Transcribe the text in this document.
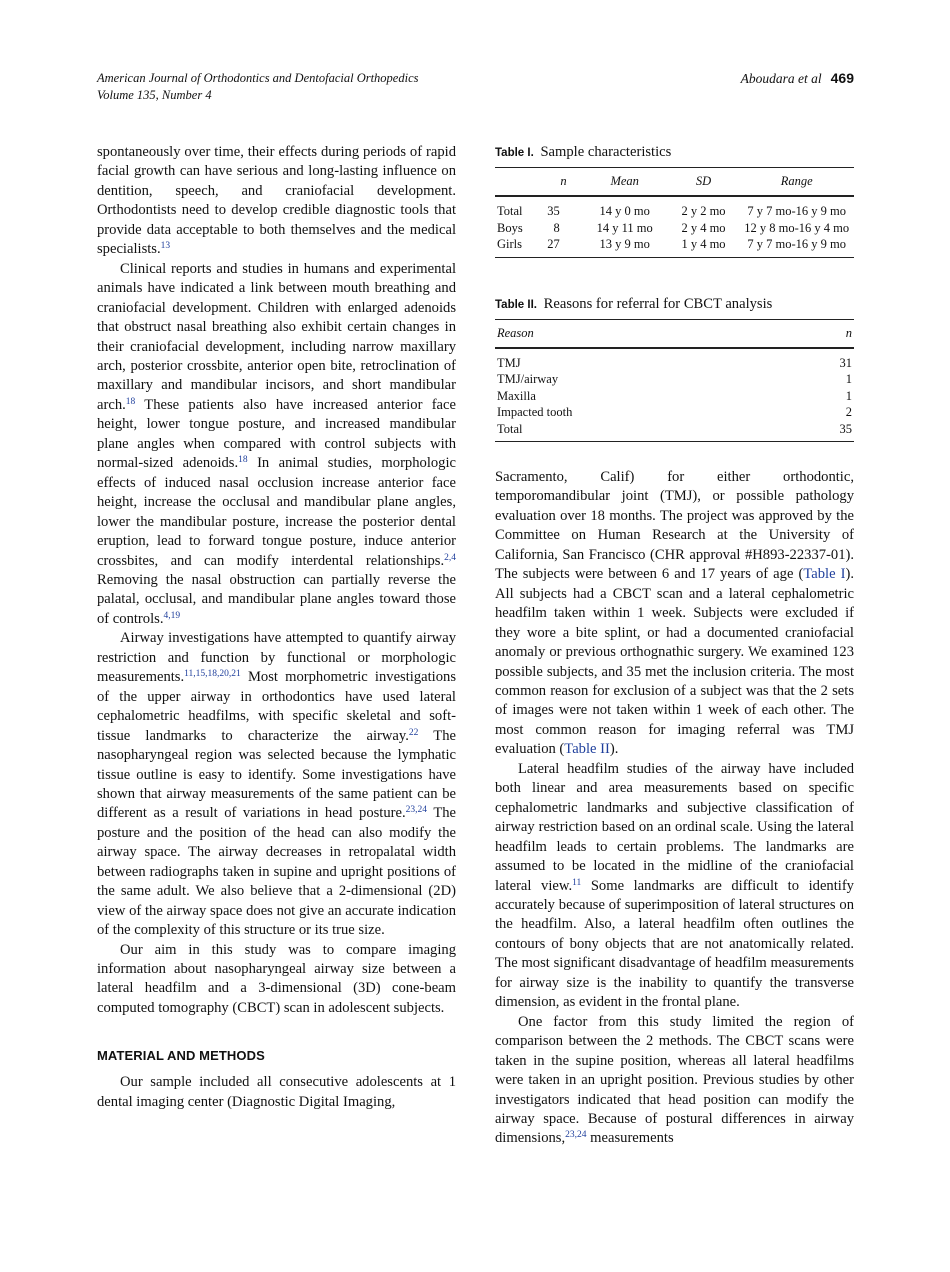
American Journal of Orthodontics and Dentofacial Orthopedics
Volume 135, Number 4
Aboudara et al 469

spontaneously over time, their effects during periods of rapid facial growth can have serious and long-lasting influence on dentition, speech, and craniofacial development. Orthodontists need to develop credible diagnostic tools that provide data acceptable to both themselves and the medical specialists.$^{13}$

Clinical reports and studies in humans and experimental animals have indicated a link between mouth breathing and craniofacial development. Children with enlarged adenoids that obstruct nasal breathing also exhibit certain changes in their craniofacial development, including narrow maxillary arch, posterior crossbite, anterior open bite, retroclination of maxillary and mandibular incisors, and short mandibular arch.$^{18}$ These patients also have increased anterior face height, lower tongue posture, and increased mandibular plane angles when compared with control subjects with normal-sized adenoids.$^{18}$ In animal studies, morphologic effects of induced nasal occlusion increase anterior face height, increase the occlusal and mandibular plane angles, lower the mandibular posture, increase the posterior dental eruption, lead to forward tongue posture, induce anterior crossbites, and can modify interdental relationships.$^{2,4}$ Removing the nasal obstruction can partially reverse the palatal, occlusal, and mandibular plane angles toward those of controls.$^{4,19}$

Airway investigations have attempted to quantify airway restriction and function by functional or morphologic measurements.$^{11,15,18,20,21}$ Most morphometric investigations of the upper airway in orthodontics have used lateral cephalometric headfilms, with specific skeletal and soft-tissue landmarks to characterize the airway.$^{22}$ The nasopharyngeal region was selected because the lymphatic tissue outline is easy to identify. Some investigations have shown that airway measurements of the same patient can be different as a result of variations in head posture.$^{23,24}$ The posture and the position of the head can also modify the airway space. The airway decreases in retropalatal width between radiographs taken in supine and upright positions of the same adult. We also believe that a 2-dimensional (2D) view of the airway space does not give an accurate indication of the complexity of this structure or its true size.

Our aim in this study was to compare imaging information about nasopharyngeal airway size between a lateral headfilm and a 3-dimensional (3D) cone-beam computed tomography (CBCT) scan in adolescent subjects.

MATERIAL AND METHODS

Our sample included all consecutive adolescents at 1 dental imaging center (Diagnostic Digital Imaging,

Table I. Sample characteristics
	n	Mean	SD	Range
Total	35	14 y 0 mo	2 y 2 mo	7 y 7 mo-16 y 9 mo
Boys	8	14 y 11 mo	2 y 4 mo	12 y 8 mo-16 y 4 mo
Girls	27	13 y 9 mo	1 y 4 mo	7 y 7 mo-16 y 9 mo
Table II. Reasons for referral for CBCT analysis
Reason	n
TMJ	31
TMJ/airway	1
Maxilla	1
Impacted tooth	2
Total	35

Sacramento, Calif) for either orthodontic, temporomandibular joint (TMJ), or possible pathology evaluation over 18 months. The project was approved by the Committee on Human Research at the University of California, San Francisco (CHR approval #H893-22337-01). The subjects were between 6 and 17 years of age (Table I). All subjects had a CBCT scan and a lateral cephalometric headfilm taken within 1 week. Subjects were excluded if they wore a bite splint, or had a documented craniofacial anomaly or previous orthognathic surgery. We examined 123 possible subjects, and 35 met the inclusion criteria. The most common reason for exclusion of a subject was that the 2 sets of images were not taken within 1 week of each other. The most common reason for imaging referral was TMJ evaluation (Table II).

Lateral headfilm studies of the airway have included both linear and area measurements based on specific cephalometric landmarks and subjective classification of airway restriction based on an ordinal scale. Using the lateral headfilm leads to certain problems. The landmarks are assumed to be located in the midline of the craniofacial lateral view.$^{11}$ Some landmarks are difficult to identify accurately because of superimposition of lateral structures on the headfilm. Also, a lateral headfilm often outlines the contours of bony objects that are not anatomically related. The most significant disadvantage of headfilm measurements for airway size is the inability to quantify the transverse dimension, as evident in the frontal plane.

One factor from this study limited the region of comparison between the 2 methods. The CBCT scans were taken in the supine position, whereas all lateral headfilms were taken in an upright position. Previous studies by other investigators indicated that head position can modify the airway space. Because of postural differences in airway dimensions,$^{23,24}$ measurements
